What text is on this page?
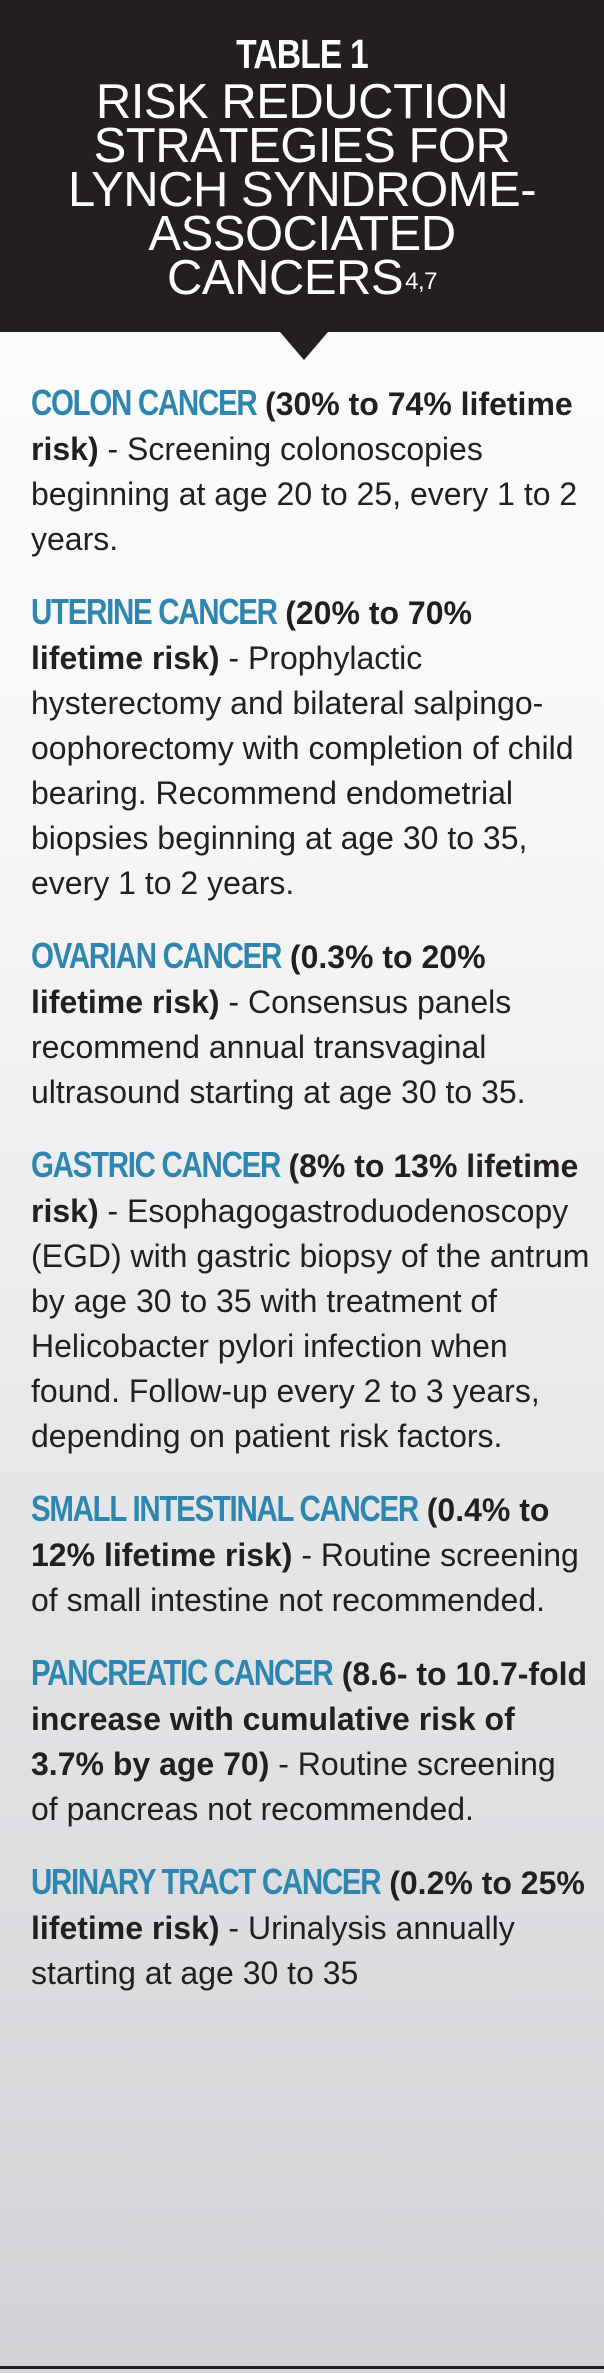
TABLE 1
RISK REDUCTION STRATEGIES FOR LYNCH SYNDROME-ASSOCIATED CANCERS$^{4,7}$

COLON CANCER (30% to 74% lifetime risk) - Screening colonoscopies beginning at age 20 to 25, every 1 to 2 years.

UTERINE CANCER (20% to 70% lifetime risk) - Prophylactic hysterectomy and bilateral salpingo-oophorectomy with completion of child bearing. Recommend endometrial biopsies beginning at age 30 to 35, every 1 to 2 years.

OVARIAN CANCER (0.3% to 20% lifetime risk) - Consensus panels recommend annual transvaginal ultrasound starting at age 30 to 35.

GASTRIC CANCER (8% to 13% lifetime risk) - Esophagogastroduodenoscopy (EGD) with gastric biopsy of the antrum by age 30 to 35 with treatment of Helicobacter pylori infection when found. Follow-up every 2 to 3 years, depending on patient risk factors.

SMALL INTESTINAL CANCER (0.4% to 12% lifetime risk) - Routine screening of small intestine not recommended.

PANCREATIC CANCER (8.6- to 10.7-fold increase with cumulative risk of 3.7% by age 70) - Routine screening of pancreas not recommended.

URINARY TRACT CANCER (0.2% to 25% lifetime risk) - Urinalysis annually starting at age 30 to 35
